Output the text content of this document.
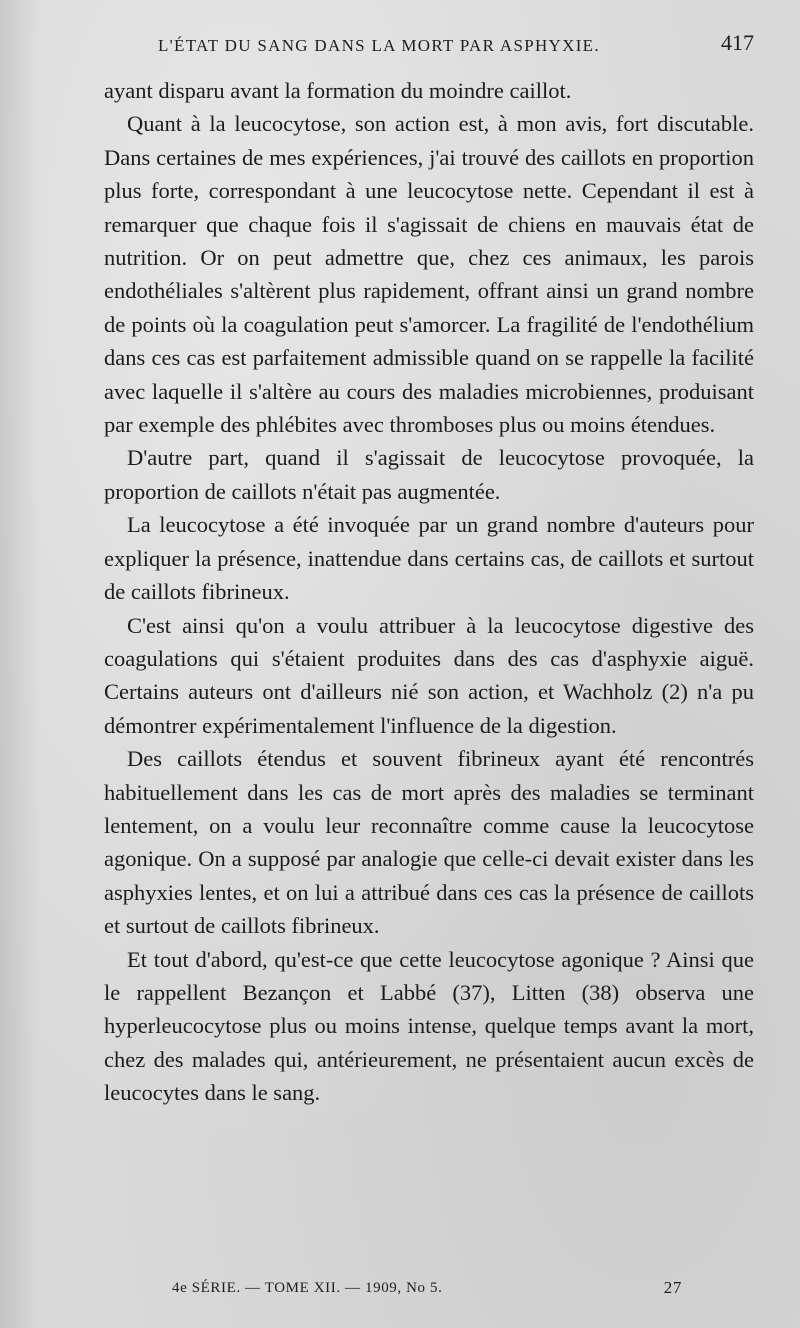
L'ÉTAT DU SANG DANS LA MORT PAR ASPHYXIE.	417

ayant disparu avant la formation du moindre caillot.

Quant à la leucocytose, son action est, à mon avis, fort discutable. Dans certaines de mes expériences, j'ai trouvé des caillots en proportion plus forte, correspondant à une leucocytose nette. Cependant il est à remarquer que chaque fois il s'agissait de chiens en mauvais état de nutrition. Or on peut admettre que, chez ces animaux, les parois endothéliales s'altèrent plus rapidement, offrant ainsi un grand nombre de points où la coagulation peut s'amorcer. La fragilité de l'endothélium dans ces cas est parfaitement admissible quand on se rappelle la facilité avec laquelle il s'altère au cours des maladies microbiennes, produisant par exemple des phlébites avec thromboses plus ou moins étendues.

D'autre part, quand il s'agissait de leucocytose provoquée, la proportion de caillots n'était pas augmentée.

La leucocytose a été invoquée par un grand nombre d'auteurs pour expliquer la présence, inattendue dans certains cas, de caillots et surtout de caillots fibrineux.

C'est ainsi qu'on a voulu attribuer à la leucocytose digestive des coagulations qui s'étaient produites dans des cas d'asphyxie aiguë. Certains auteurs ont d'ailleurs nié son action, et Wachholz (2) n'a pu démontrer expérimentalement l'influence de la digestion.

Des caillots étendus et souvent fibrineux ayant été rencontrés habituellement dans les cas de mort après des maladies se terminant lentement, on a voulu leur reconnaître comme cause la leucocytose agonique. On a supposé par analogie que celle-ci devait exister dans les asphyxies lentes, et on lui a attribué dans ces cas la présence de caillots et surtout de caillots fibrineux.

Et tout d'abord, qu'est-ce que cette leucocytose agonique ? Ainsi que le rappellent Bezançon et Labbé (37), Litten (38) observa une hyperleucocytose plus ou moins intense, quelque temps avant la mort, chez des malades qui, antérieurement, ne présentaient aucun excès de leucocytes dans le sang.

4e SÉRIE. — TOME XII. — 1909, No 5.	27
